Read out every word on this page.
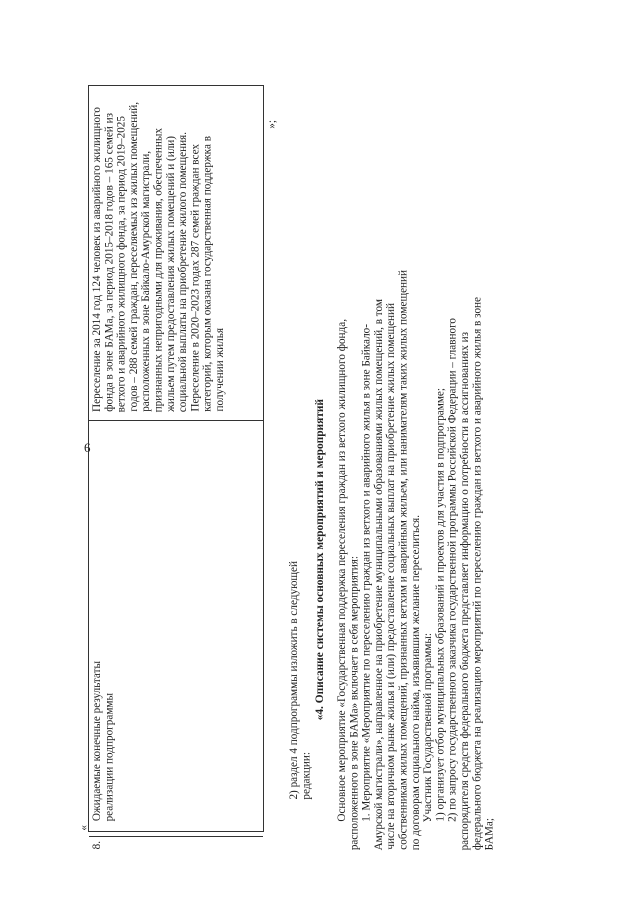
6
«
8.
Ожидаемые конечные результаты реализации подпрограммы
Переселение за 2014 год 124 человек из аварийного жилищного фонда в зоне БАМа, за период 2015–2018 годов – 165 семей из ветхого и аварийного жилищного фонда, за период 2019–2025 годов – 288 семей граждан, переселяемых из жилых помещений, расположенных в зоне Байкало-Амурской магистрали, признанных непригодными для проживания, обеспеченных жильем путем предоставления жилых помещений и (или) социальной выплаты на приобретение жилого помещения. Переселение в 2020–2023 годах 287 семей граждан всех категорий, которым оказана государственная поддержка в получении жилья
»;
2) раздел 4 подпрограммы изложить в следующей редакции:
«4. Описание системы основных мероприятий и мероприятий Основное мероприятие «Государственная поддержка переселения граждан из ветхого жилищного фонда, расположенного в зоне БАМа» включает в себя мероприятия: 1. Мероприятие «Мероприятие по переселению граждан из ветхого и аварийного жилья в зоне Байкало- Амурской магистрали», направленное на приобретение муниципальными образованиями жилых помещений, в том числе на вторичном рынке жилья и (или) предоставление социальных выплат на приобретение жилых помещений собственникам жилых помещений, признанных ветхим и аварийным жильем, или нанимателям таких жилых помещений по договорам социального найма, изъявившим желание переселиться. Участник Государственной программы: 1) организует отбор муниципальных образований и проектов для участия в подпрограмме; 2) по запросу государственного заказчика государственной программы Российской Федерации – главного распорядителя средств федерального бюджета представляет информацию о потребности в ассигнованиях из федерального бюджета на реализацию мероприятий по переселению граждан из ветхого и аварийного жилья в зоне БАМа;
